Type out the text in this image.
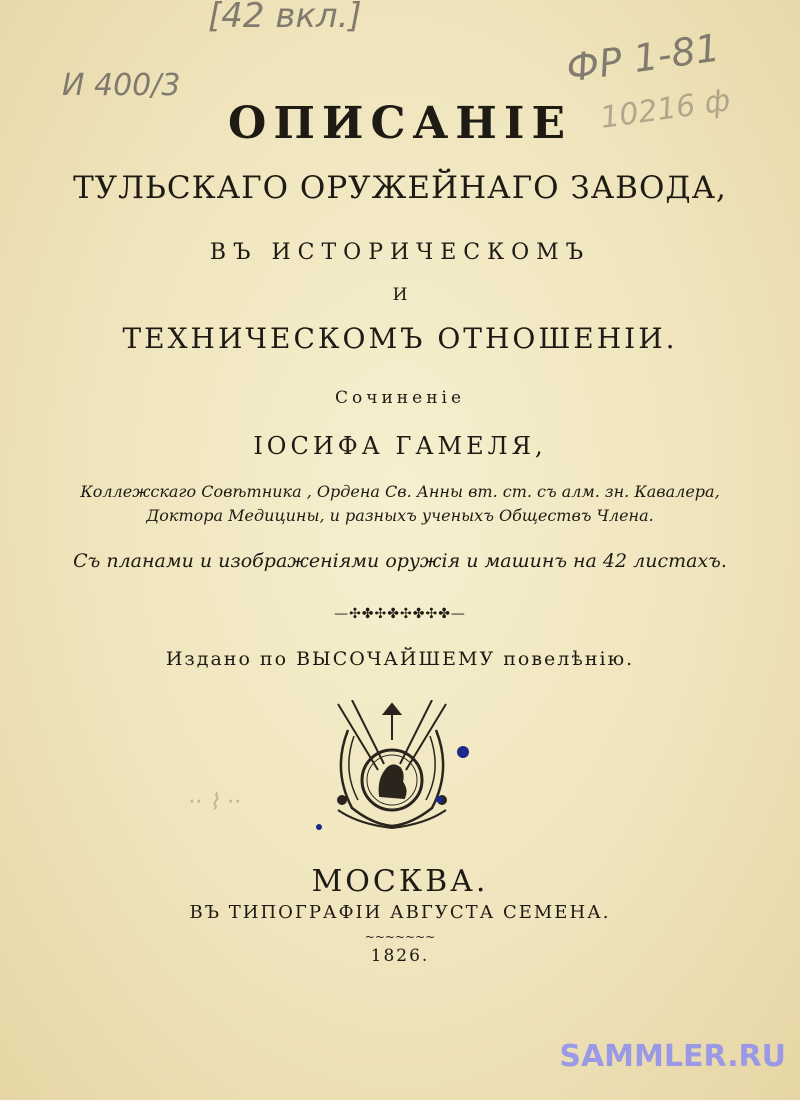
[42 вкл.]
И 400/3	ФР 1-81
10216 ф
ОПИСАНIЕ
ТУЛЬСКАГО ОРУЖЕЙНАГО ЗАВОДА,
ВЪ ИСТОРИЧЕСКОМЪ
И
ТЕХНИЧЕСКОМЪ ОТНОШЕНIИ.
Сочиненiе
IОСИФА ГАМЕЛЯ,
Коллежскаго Совѣтника , Ордена Св. Анны вт. ст. съ алм. зн. Кавалера,
Доктора Медицины, и разныхъ ученыхъ Обществъ Члена.
Съ планами и изображенiями оружiя и машинъ на 42 листахъ.
—✣✤✣✤✣✤✣✤—
Издано по ВЫСОЧАЙШЕМУ повелѣнiю.
·· ⌇ ··
МОСКВА.
ВЪ ТИПОГРАФIИ АВГУСТА СЕМЕНА.
~~~~~~~
1826.
SAMMLER.RU
